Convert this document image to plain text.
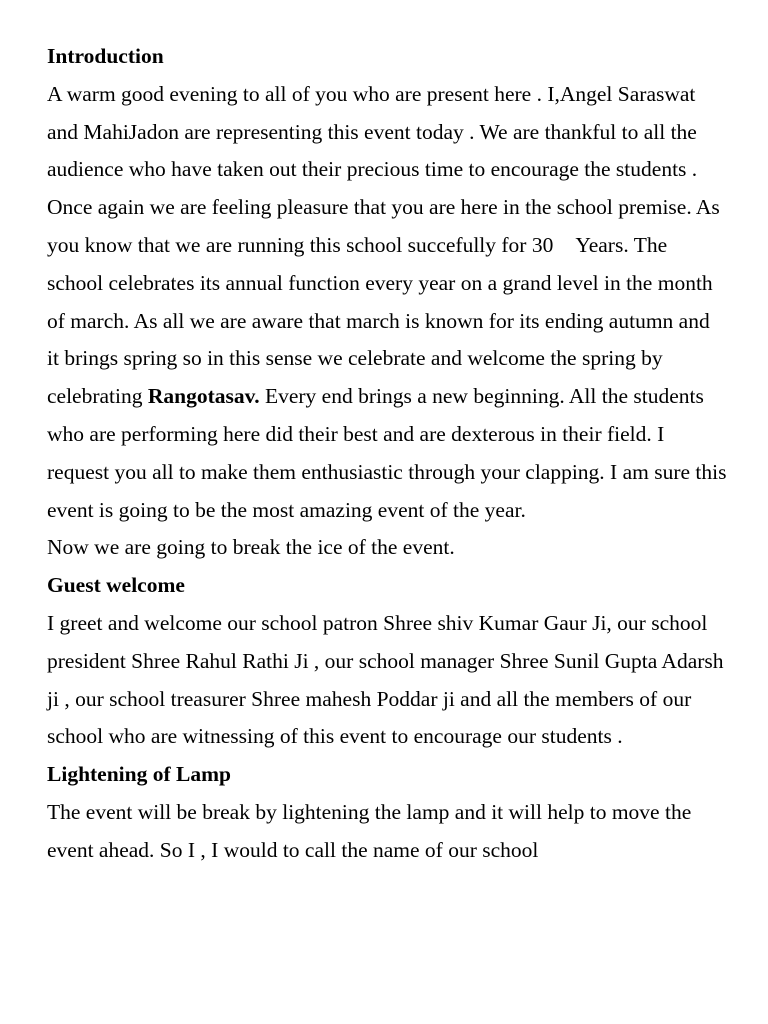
Introduction

A warm good evening to all of you who are present here . I,Angel Saraswat and MahiJadon are representing this event today . We are thankful to all the audience who have taken out their precious time to encourage the students . Once again we are feeling pleasure that you are here in the school premise. As you know that we are running this school succefully for 30 Years. The school celebrates its annual function every year on a grand level in the month of march. As all we are aware that march is known for its ending autumn and it brings spring so in this sense we celebrate and welcome the spring by celebrating Rangotasav. Every end brings a new beginning. All the students who are performing here did their best and are dexterous in their field. I request you all to make them enthusiastic through your clapping. I am sure this event is going to be the most amazing event of the year.

Now we are going to break the ice of the event.

Guest welcome

I greet and welcome our school patron Shree shiv Kumar Gaur Ji, our school president Shree Rahul Rathi Ji , our school manager Shree Sunil Gupta Adarsh ji , our school treasurer Shree mahesh Poddar ji and all the members of our school who are witnessing of this event to encourage our students .

Lightening of Lamp

The event will be break by lightening the lamp and it will help to move the event ahead. So I , I would to call the name of our school
